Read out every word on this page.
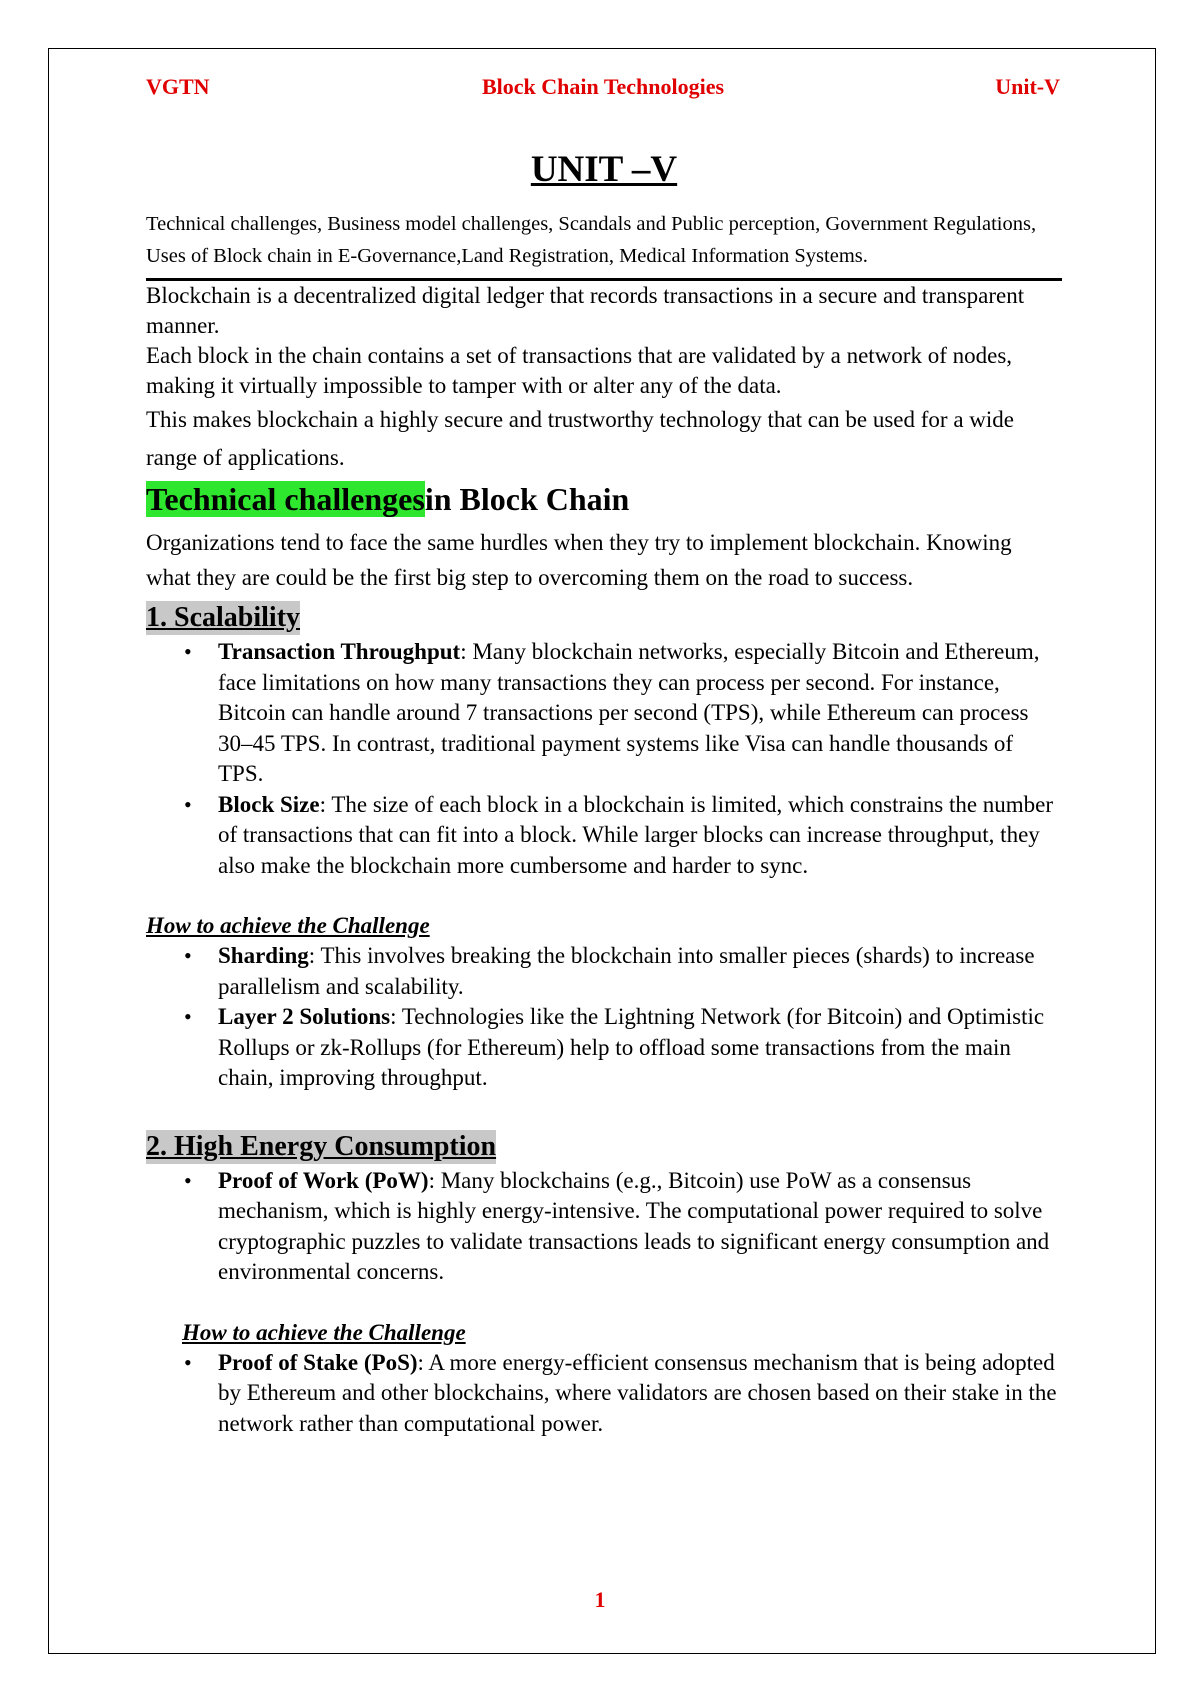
VGTN	Block Chain Technologies	Unit-V
UNIT –V

Technical challenges, Business model challenges, Scandals and Public perception, Government Regulations, Uses of Block chain in E-Governance,Land Registration, Medical Information Systems.

Blockchain is a decentralized digital ledger that records transactions in a secure and transparent manner.

Each block in the chain contains a set of transactions that are validated by a network of nodes, making it virtually impossible to tamper with or alter any of the data.

This makes blockchain a highly secure and trustworthy technology that can be used for a wide range of applications.

Technical challengesin Block Chain

Organizations tend to face the same hurdles when they try to implement blockchain. Knowing what they are could be the first big step to overcoming them on the road to success.

1. Scalability
• Transaction Throughput: Many blockchain networks, especially Bitcoin and Ethereum, face limitations on how many transactions they can process per second. For instance, Bitcoin can handle around 7 transactions per second (TPS), while Ethereum can process 30–45 TPS. In contrast, traditional payment systems like Visa can handle thousands of TPS.
• Block Size: The size of each block in a blockchain is limited, which constrains the number of transactions that can fit into a block. While larger blocks can increase throughput, they also make the blockchain more cumbersome and harder to sync.

How to achieve the Challenge

• Sharding: This involves breaking the blockchain into smaller pieces (shards) to increase parallelism and scalability.
• Layer 2 Solutions: Technologies like the Lightning Network (for Bitcoin) and Optimistic Rollups or zk-Rollups (for Ethereum) help to offload some transactions from the main chain, improving throughput.
2. High Energy Consumption
• Proof of Work (PoW): Many blockchains (e.g., Bitcoin) use PoW as a consensus mechanism, which is highly energy-intensive. The computational power required to solve cryptographic puzzles to validate transactions leads to significant energy consumption and environmental concerns.

How to achieve the Challenge

• Proof of Stake (PoS): A more energy-efficient consensus mechanism that is being adopted by Ethereum and other blockchains, where validators are chosen based on their stake in the network rather than computational power.
1
